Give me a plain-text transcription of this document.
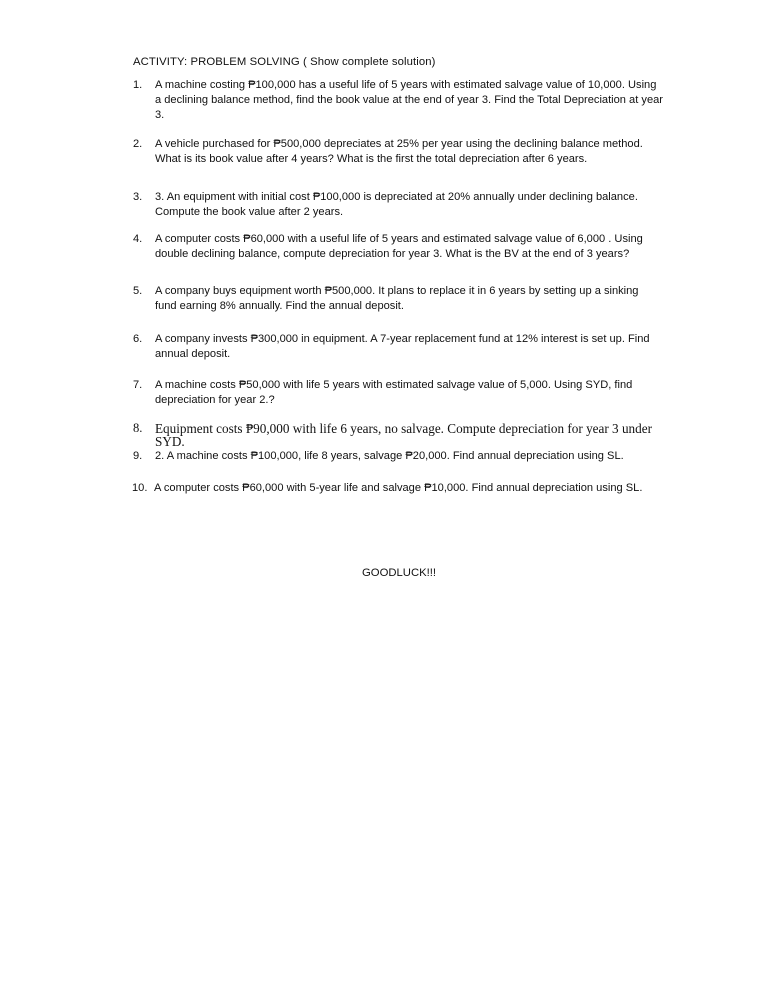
ACTIVITY: PROBLEM SOLVING ( Show complete solution)
1.	A machine costing ₱100,000 has a useful life of 5 years with estimated salvage value of 10,000. Using a declining balance method, find the book value at the end of year 3. Find the Total Depreciation at year 3.
2.	A vehicle purchased for ₱500,000 depreciates at 25% per year using the declining balance method. What is its book value after 4 years? What is the first the total depreciation after 6 years.
3.	3. An equipment with initial cost ₱100,000 is depreciated at 20% annually under declining balance. Compute the book value after 2 years.
4.	A computer costs ₱60,000 with a useful life of 5 years and estimated salvage value of 6,000 . Using double declining balance, compute depreciation for year 3. What is the BV at the end of 3 years?
5.	A company buys equipment worth ₱500,000. It plans to replace it in 6 years by setting up a sinking fund earning 8% annually. Find the annual deposit.
6.	A company invests ₱300,000 in equipment. A 7-year replacement fund at 12% interest is set up. Find annual deposit.
7.	A machine costs ₱50,000 with life 5 years with estimated salvage value of 5,000. Using SYD, find depreciation for year 2.?
8. Equipment costs ₱90,000 with life 6 years, no salvage. Compute depreciation for year 3 under SYD.
9.	2. A machine costs ₱100,000, life 8 years, salvage ₱20,000. Find annual depreciation using SL.
10. A computer costs ₱60,000 with 5-year life and salvage ₱10,000. Find annual depreciation using SL.
GOODLUCK!!!
